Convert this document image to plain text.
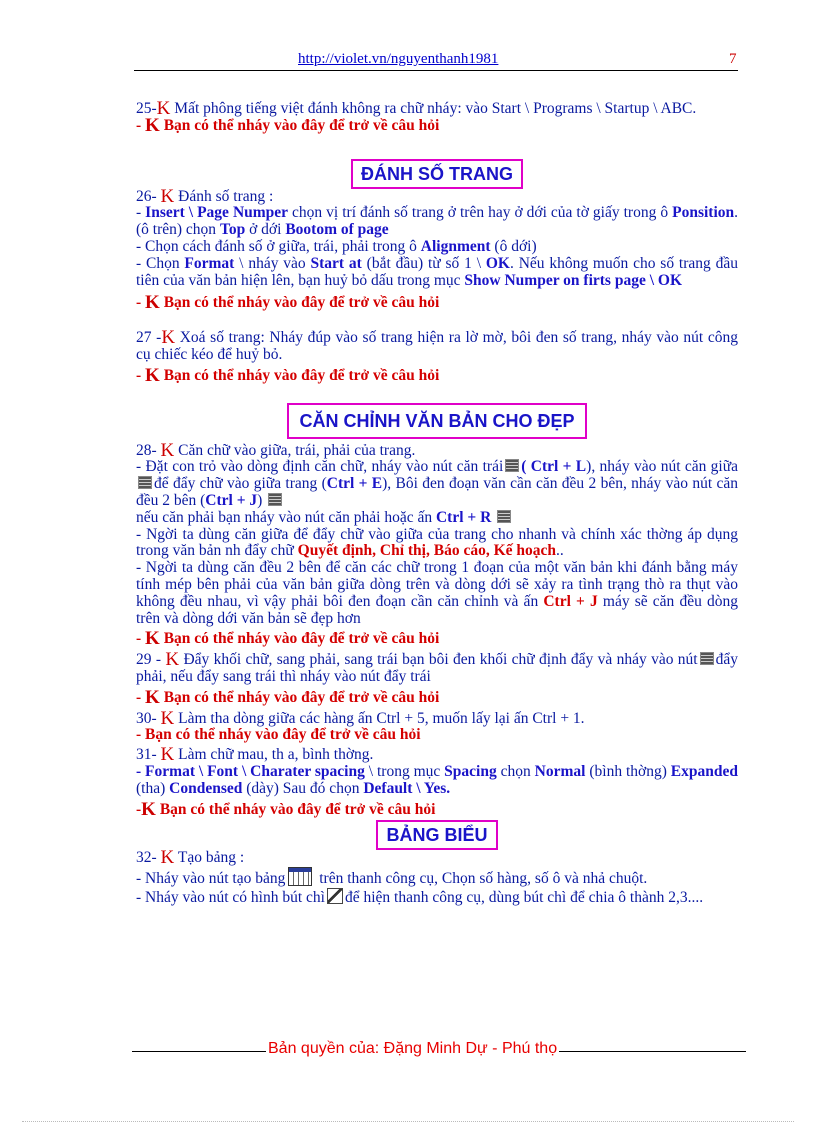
http://violet.vn/nguyenthanh1981	7

25-K Mất phông tiếng việt đánh không ra chữ nháy: vào Start \ Programs \ Startup \ ABC.

- K Bạn có thể nháy vào đây để trở về câu hỏi

ĐÁNH SỐ TRANG

26- K Đánh số trang :

- Insert \ Page Numper chọn vị trí đánh số trang ở trên hay ở dới của tờ giấy trong ô Ponsition.(ô trên) chọn Top ở dới Bootom of page

- Chọn cách đánh số ở giữa, trái, phải trong ô Alignment (ô dới)

- Chọn Format \ nháy vào Start at (bắt đầu) từ số 1 \ OK. Nếu không muốn cho số trang đầu tiên của văn bản hiện lên, bạn huỷ bỏ dấu trong mục Show Numper on firts page \ OK

- K Bạn có thể nháy vào đây để trở về câu hỏi

27 -K Xoá số trang: Nháy đúp vào số trang hiện ra lờ mờ, bôi đen số trang, nháy vào nút công cụ chiếc kéo để huỷ bỏ.

- K Bạn có thể nháy vào đây để trở về câu hỏi

CĂN CHỈNH VĂN BẢN CHO ĐẸP

28- K Căn chữ vào giữa, trái, phải của trang.

- Đặt con trỏ vào dòng định căn chữ, nháy vào nút căn trái ( Ctrl + L), nháy vào nút căn giữađể đẩy chữ vào giữa trang (Ctrl + E), Bôi đen đoạn văn cần căn đều 2 bên, nháy vào nút căn đều 2 bên (Ctrl + J)

nếu căn phải bạn nháy vào nút căn phải hoặc ấn Ctrl + R

- Ngời ta dùng căn giữa để đẩy chữ vào giữa của trang cho nhanh và chính xác thờng áp dụng trong văn bản nh đẩy chữ Quyết định, Chỉ thị, Báo cáo, Kế hoạch..

- Ngời ta dùng căn đều 2 bên để căn các chữ trong 1 đoạn của một văn bản khi đánh bằng máy tính mép bên phải của văn bản giữa dòng trên và dòng dới sẽ xảy ra tình trạng thò ra thụt vào không đều nhau, vì vậy phải bôi đen đoạn cần căn chỉnh và ấn Ctrl + J máy sẽ căn đều dòng trên và dòng dới văn bản sẽ đẹp hơn

- K Bạn có thể nháy vào đây để trở về câu hỏi

29 - K Đẩy khối chữ, sang phải, sang trái bạn bôi đen khối chữ định đẩy và nháy vào nút đẩy phải, nếu đẩy sang trái thì nháy vào nút đẩy trái

- K Bạn có thể nháy vào đây để trở về câu hỏi

30- K Làm tha dòng giữa các hàng ấn Ctrl + 5, muốn lấy lại ấn Ctrl + 1.

- Bạn có thể nháy vào đây để trở về câu hỏi

31- K Làm chữ mau, th a, bình thờng.

- Format \ Font \ Charater spacing \ trong mục Spacing chọn Normal (bình thờng) Expanded (tha) Condensed (dày) Sau đó chọn Default \ Yes.

-K Bạn có thể nháy vào đây để trở về câu hỏi

BẢNG BIỂU

32- K Tạo bảng :

- Nháy vào nút tạo bảng trên thanh công cụ, Chọn số hàng, số ô và nhả chuột.

- Nháy vào nút có hình bút chì để hiện thanh công cụ, dùng bút chì để chia ô thành 2,3....

Bản quyền của: Đặng Minh Dự - Phú thọ
